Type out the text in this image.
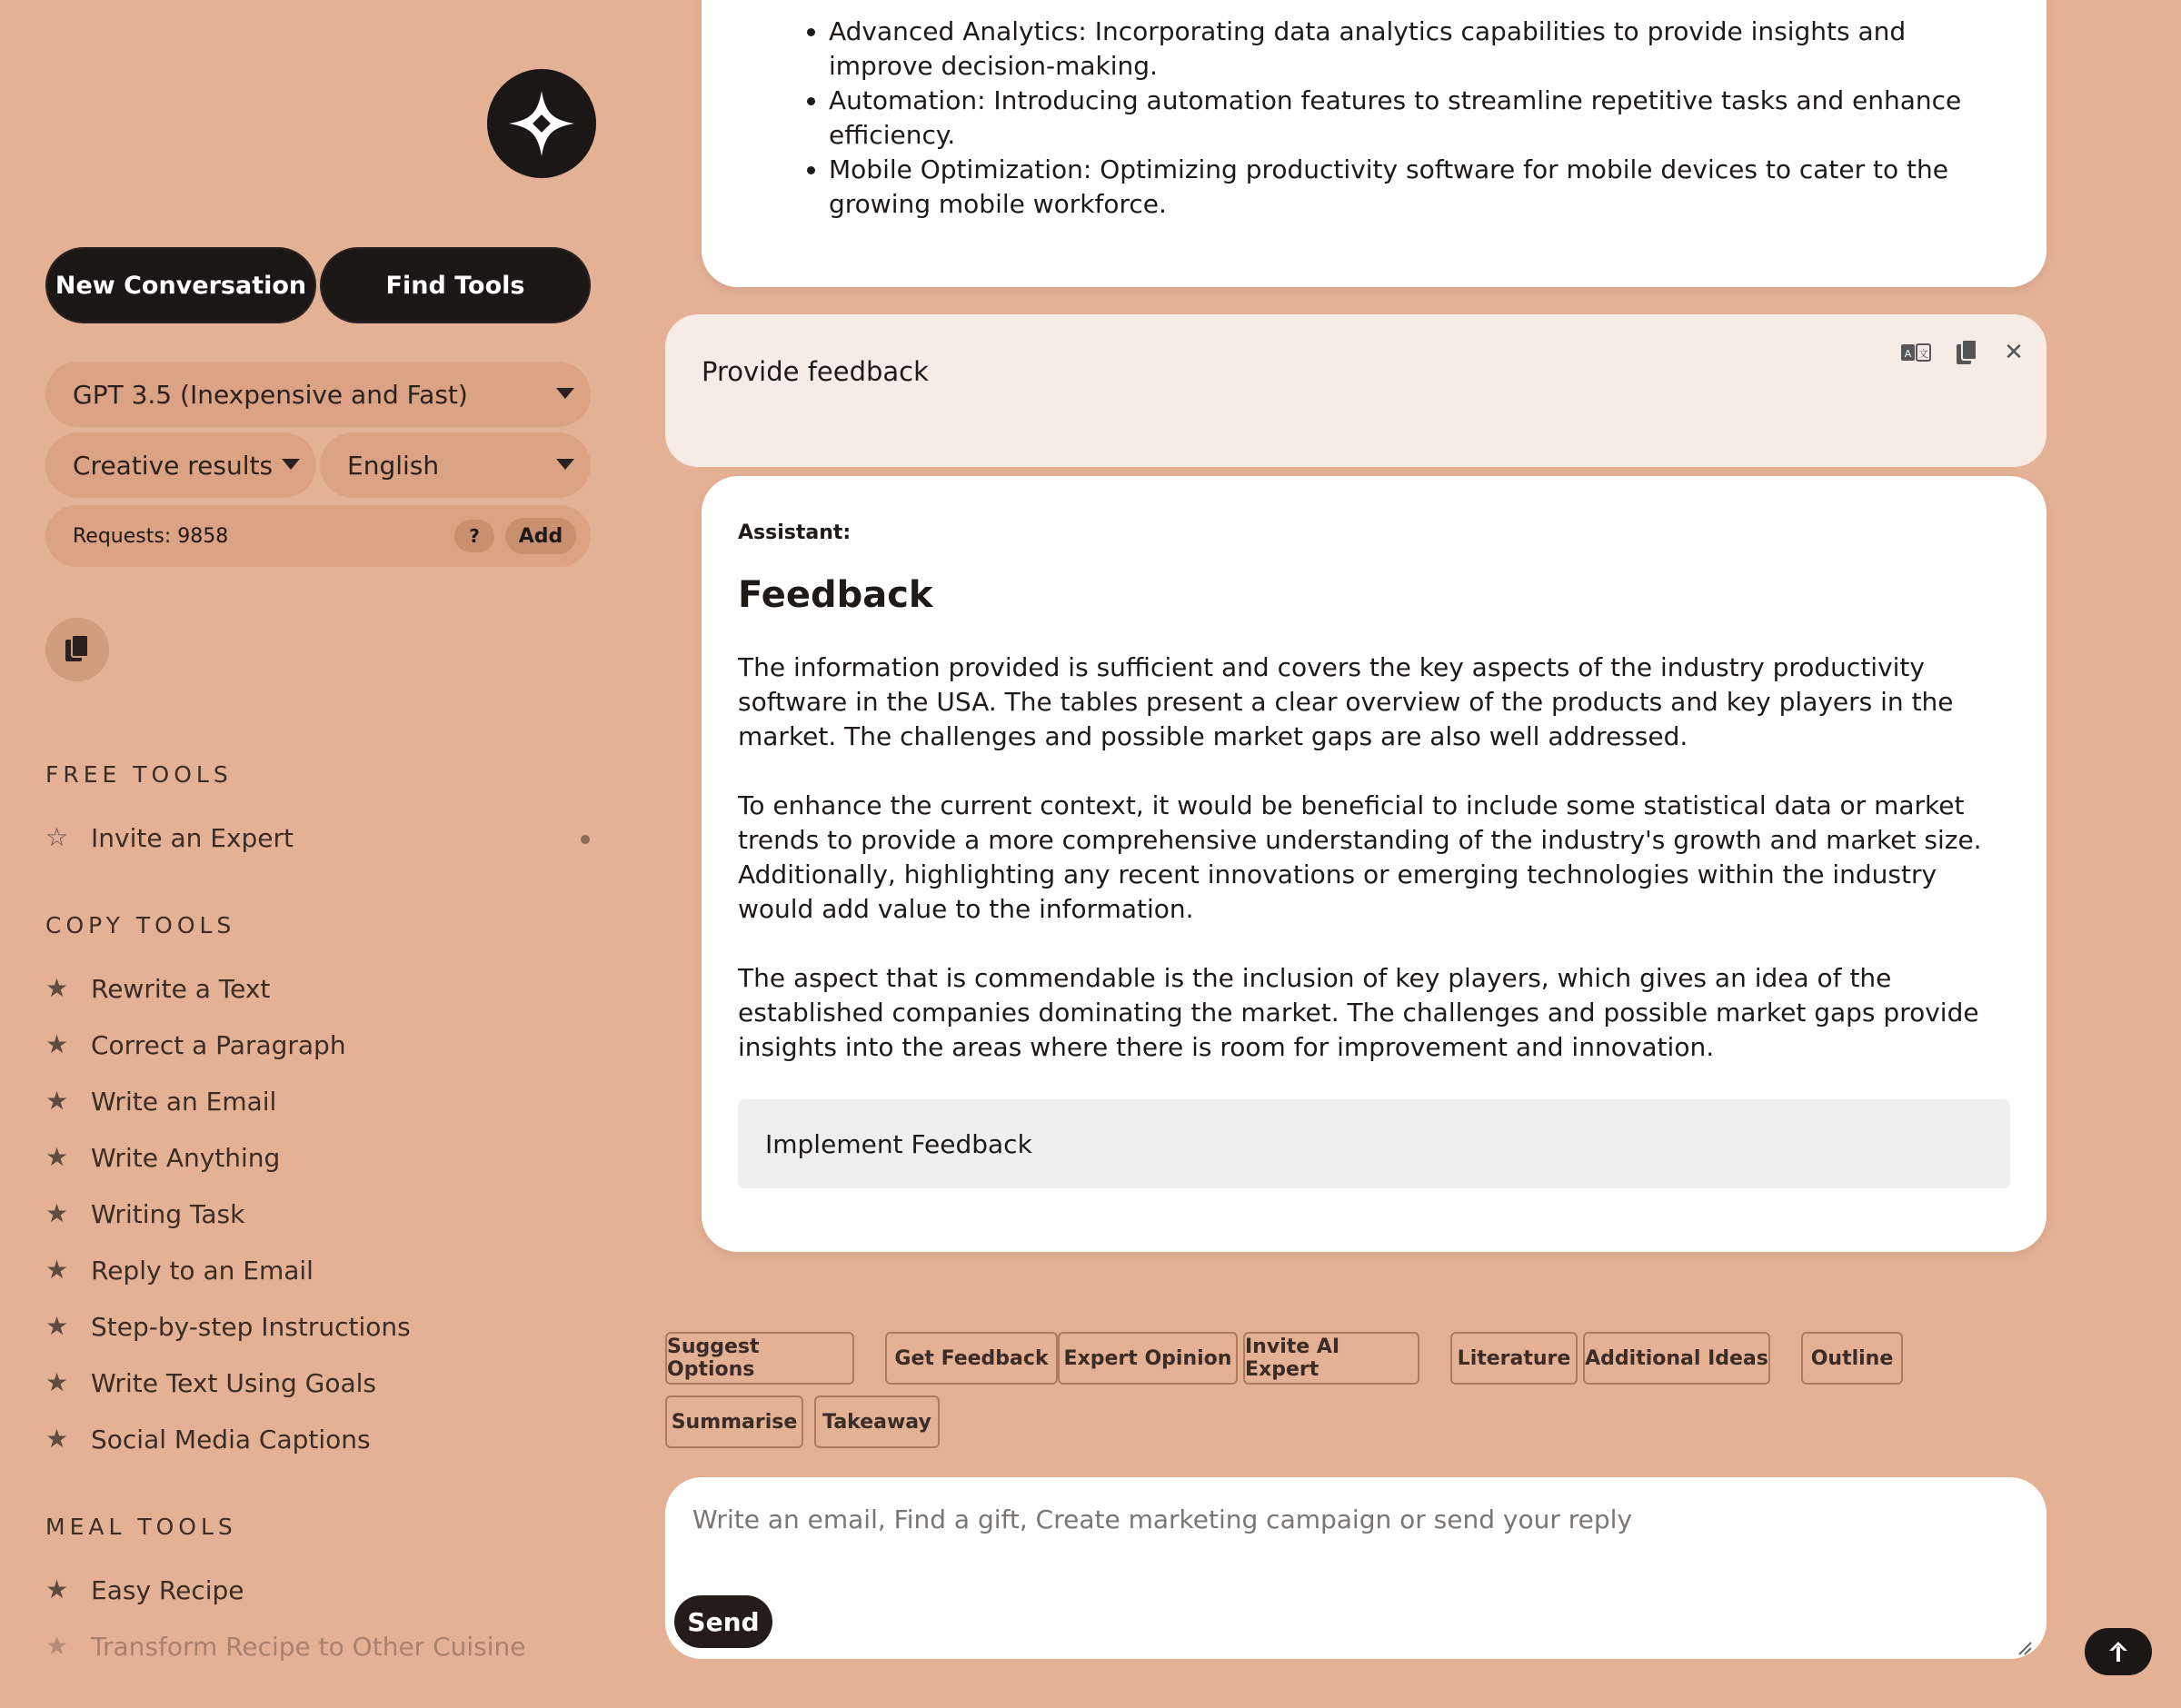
New Conversation	Find Tools
GPT 3.5 (Inexpensive and Fast)
Creative results	English
Requests: 9858	?	Add
FREE TOOLS
☆ Invite an Expert
COPY TOOLS
★ Rewrite a Text
★ Correct a Paragraph
★ Write an Email
★ Write Anything
★ Writing Task
★ Reply to an Email
★ Step-by-step Instructions
★ Write Text Using Goals
★ Social Media Captions
MEAL TOOLS
★ Easy Recipe
★ Transform Recipe to Other Cuisine
• Advanced Analytics: Incorporating data analytics capabilities to provide insights and improve decision-making.
• Automation: Introducing automation features to streamline repetitive tasks and enhance efficiency.
• Mobile Optimization: Optimizing productivity software for mobile devices to cater to the growing mobile workforce.
Provide feedback
A 文	✕
Assistant:
Feedback

The information provided is sufficient and covers the key aspects of the industry productivity software in the USA. The tables present a clear overview of the products and key players in the market. The challenges and possible market gaps are also well addressed.

To enhance the current context, it would be beneficial to include some statistical data or market trends to provide a more comprehensive understanding of the industry's growth and market size. Additionally, highlighting any recent innovations or emerging technologies within the industry would add value to the information.

The aspect that is commendable is the inclusion of key players, which gives an idea of the established companies dominating the market. The challenges and possible market gaps provide insights into the areas where there is room for improvement and innovation.

Implement Feedback
Suggest Options	Get Feedback Expert Opinion Invite AI Expert	Literature Additional Ideas	Outline
Summarise	Takeaway
Write an email, Find a gift, Create marketing campaign or send your reply
Send
